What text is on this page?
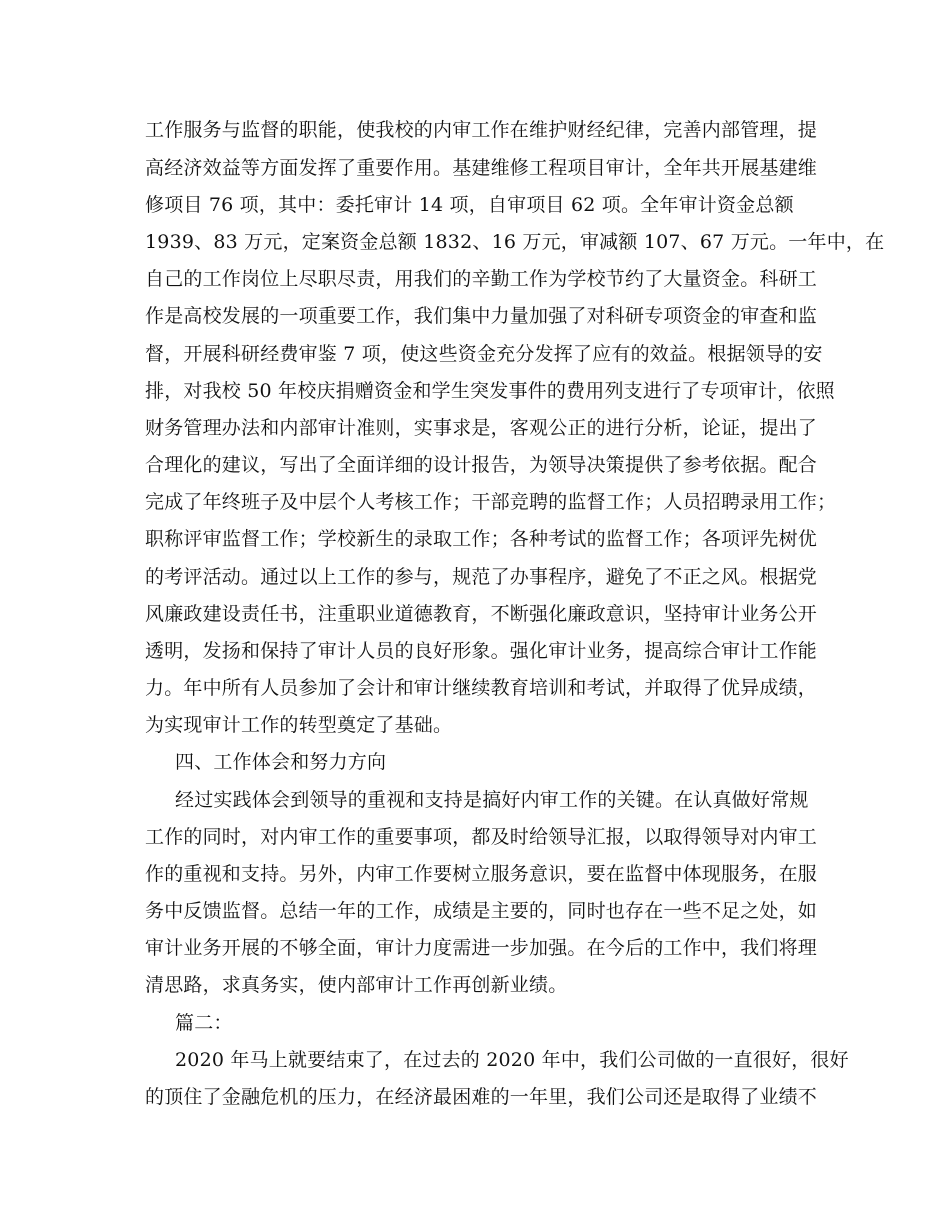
工作服务与监督的职能，使我校的内审工作在维护财经纪律，完善内部管理，提
高经济效益等方面发挥了重要作用。基建维修工程项目审计，全年共开展基建维
修项目 76 项，其中：委托审计 14 项，自审项目 62 项。全年审计资金总额
1939、83 万元，定案资金总额 1832、16 万元，审减额 107、67 万元。一年中，在
自己的工作岗位上尽职尽责，用我们的辛勤工作为学校节约了大量资金。科研工
作是高校发展的一项重要工作，我们集中力量加强了对科研专项资金的审查和监
督，开展科研经费审鉴 7 项，使这些资金充分发挥了应有的效益。根据领导的安
排，对我校 50 年校庆捐赠资金和学生突发事件的费用列支进行了专项审计，依照
财务管理办法和内部审计准则，实事求是，客观公正的进行分析，论证，提出了
合理化的建议，写出了全面详细的设计报告，为领导决策提供了参考依据。配合
完成了年终班子及中层个人考核工作；干部竞聘的监督工作；人员招聘录用工作；
职称评审监督工作；学校新生的录取工作；各种考试的监督工作；各项评先树优
的考评活动。通过以上工作的参与，规范了办事程序，避免了不正之风。根据党
风廉政建设责任书，注重职业道德教育，不断强化廉政意识，坚持审计业务公开
透明，发扬和保持了审计人员的良好形象。强化审计业务，提高综合审计工作能
力。年中所有人员参加了会计和审计继续教育培训和考试，并取得了优异成绩，
为实现审计工作的转型奠定了基础。
四、工作体会和努力方向
经过实践体会到领导的重视和支持是搞好内审工作的关键。在认真做好常规
工作的同时，对内审工作的重要事项，都及时给领导汇报，以取得领导对内审工
作的重视和支持。另外，内审工作要树立服务意识，要在监督中体现服务，在服
务中反馈监督。总结一年的工作，成绩是主要的，同时也存在一些不足之处，如
审计业务开展的不够全面，审计力度需进一步加强。在今后的工作中，我们将理
清思路，求真务实，使内部审计工作再创新业绩。
篇二：
2020 年马上就要结束了，在过去的 2020 年中，我们公司做的一直很好，很好
的顶住了金融危机的压力，在经济最困难的一年里，我们公司还是取得了业绩不
